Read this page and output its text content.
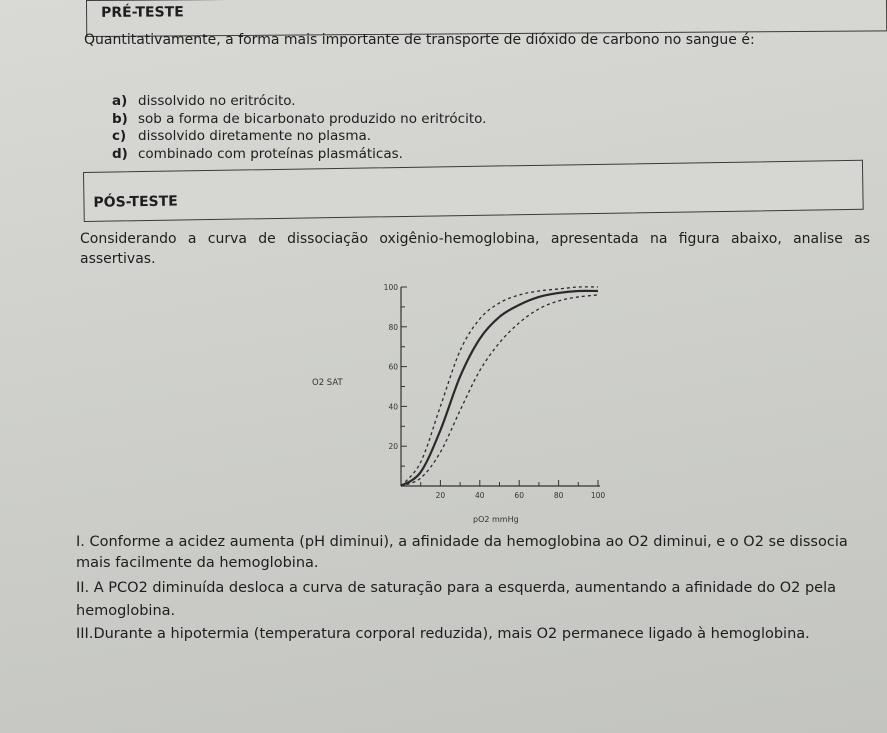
PRÉ-TESTE
Quantitativamente, a forma mais importante de transporte de dióxido de carbono no sangue é:
a) dissolvido no eritrócito.
b) sob a forma de bicarbonato produzido no eritrócito.
c) dissolvido diretamente no plasma.
d) combinado com proteínas plasmáticas.
PÓS-TESTE
Considerando a curva de dissociação oxigênio-hemoglobina, apresentada na figura abaixo, analise as assertivas.
20
40
60
80
100
20	40	60	80	100
O2 SAT
pO2 mmHg
I. Conforme a acidez aumenta (pH diminui), a afinidade da hemoglobina ao O2 diminui, e o O2 se dissocia
mais facilmente da hemoglobina.
II. A PCO2 diminuída desloca a curva de saturação para a esquerda, aumentando a afinidade do O2 pela
hemoglobina.
III.Durante a hipotermia (temperatura corporal reduzida), mais O2 permanece ligado à hemoglobina.
